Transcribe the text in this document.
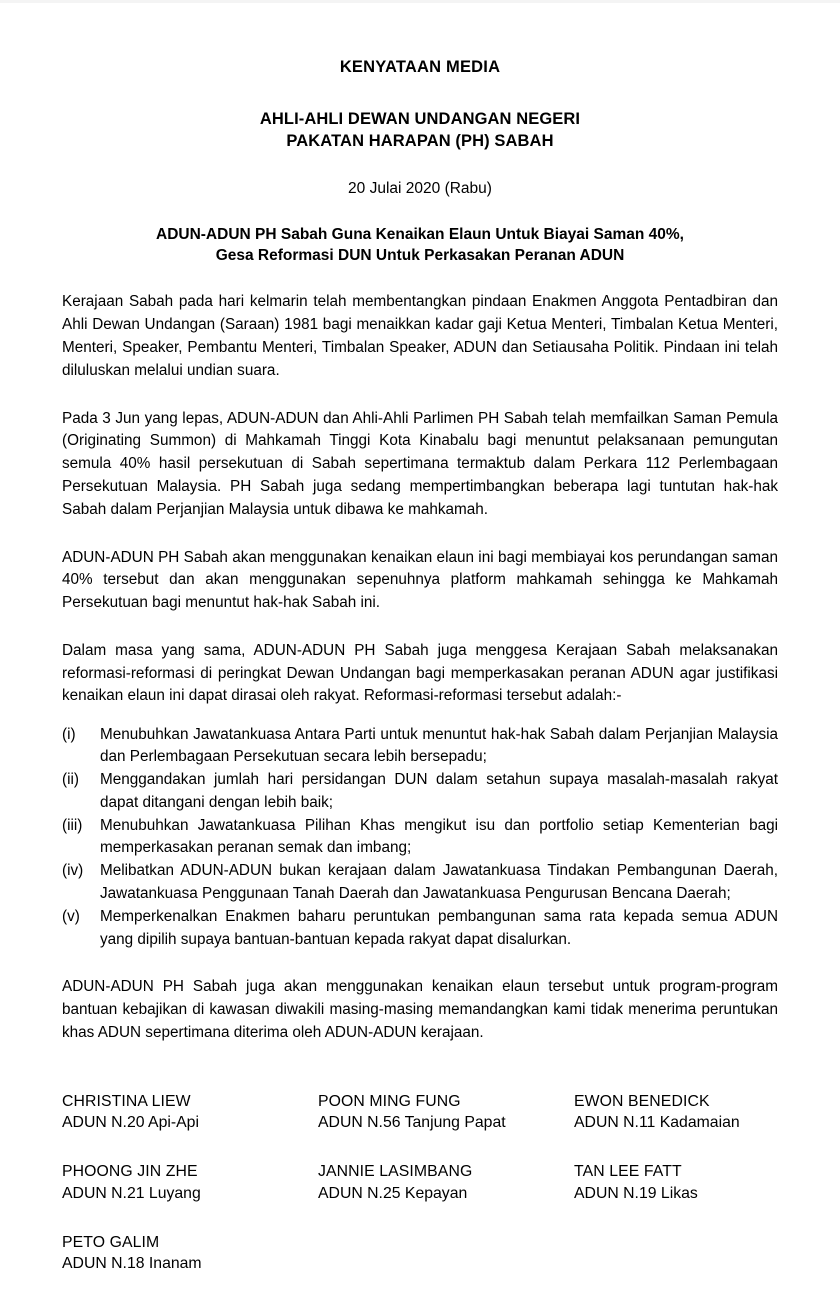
KENYATAAN MEDIA
AHLI-AHLI DEWAN UNDANGAN NEGERI
PAKATAN HARAPAN (PH) SABAH
20 Julai 2020 (Rabu)
ADUN-ADUN PH Sabah Guna Kenaikan Elaun Untuk Biayai Saman 40%,
Gesa Reformasi DUN Untuk Perkasakan Peranan ADUN

Kerajaan Sabah pada hari kelmarin telah membentangkan pindaan Enakmen Anggota Pentadbiran dan Ahli Dewan Undangan (Saraan) 1981 bagi menaikkan kadar gaji Ketua Menteri, Timbalan Ketua Menteri, Menteri, Speaker, Pembantu Menteri, Timbalan Speaker, ADUN dan Setiausaha Politik. Pindaan ini telah diluluskan melalui undian suara.

Pada 3 Jun yang lepas, ADUN-ADUN dan Ahli-Ahli Parlimen PH Sabah telah memfailkan Saman Pemula (Originating Summon) di Mahkamah Tinggi Kota Kinabalu bagi menuntut pelaksanaan pemungutan semula 40% hasil persekutuan di Sabah sepertimana termaktub dalam Perkara 112 Perlembagaan Persekutuan Malaysia. PH Sabah juga sedang mempertimbangkan beberapa lagi tuntutan hak-hak Sabah dalam Perjanjian Malaysia untuk dibawa ke mahkamah.

ADUN-ADUN PH Sabah akan menggunakan kenaikan elaun ini bagi membiayai kos perundangan saman 40% tersebut dan akan menggunakan sepenuhnya platform mahkamah sehingga ke Mahkamah Persekutuan bagi menuntut hak-hak Sabah ini.

Dalam masa yang sama, ADUN-ADUN PH Sabah juga menggesa Kerajaan Sabah melaksanakan reformasi-reformasi di peringkat Dewan Undangan bagi memperkasakan peranan ADUN agar justifikasi kenaikan elaun ini dapat dirasai oleh rakyat. Reformasi-reformasi tersebut adalah:-

(i)	Menubuhkan Jawatankuasa Antara Parti untuk menuntut hak-hak Sabah dalam Perjanjian Malaysia dan Perlembagaan Persekutuan secara lebih bersepadu;
(ii)	Menggandakan jumlah hari persidangan DUN dalam setahun supaya masalah-masalah rakyat dapat ditangani dengan lebih baik;
(iii)	Menubuhkan Jawatankuasa Pilihan Khas mengikut isu dan portfolio setiap Kementerian bagi memperkasakan peranan semak dan imbang;
(iv)	Melibatkan ADUN-ADUN bukan kerajaan dalam Jawatankuasa Tindakan Pembangunan Daerah, Jawatankuasa Penggunaan Tanah Daerah dan Jawatankuasa Pengurusan Bencana Daerah;
(v)	Memperkenalkan Enakmen baharu peruntukan pembangunan sama rata kepada semua ADUN yang dipilih supaya bantuan-bantuan kepada rakyat dapat disalurkan.

ADUN-ADUN PH Sabah juga akan menggunakan kenaikan elaun tersebut untuk program-program bantuan kebajikan di kawasan diwakili masing-masing memandangkan kami tidak menerima peruntukan khas ADUN sepertimana diterima oleh ADUN-ADUN kerajaan.

CHRISTINA LIEW
ADUN N.20 Api-Api
POON MING FUNG
ADUN N.56 Tanjung Papat
EWON BENEDICK
ADUN N.11 Kadamaian
PHOONG JIN ZHE
ADUN N.21 Luyang
JANNIE LASIMBANG
ADUN N.25 Kepayan
TAN LEE FATT
ADUN N.19 Likas
PETO GALIM
ADUN N.18 Inanam
